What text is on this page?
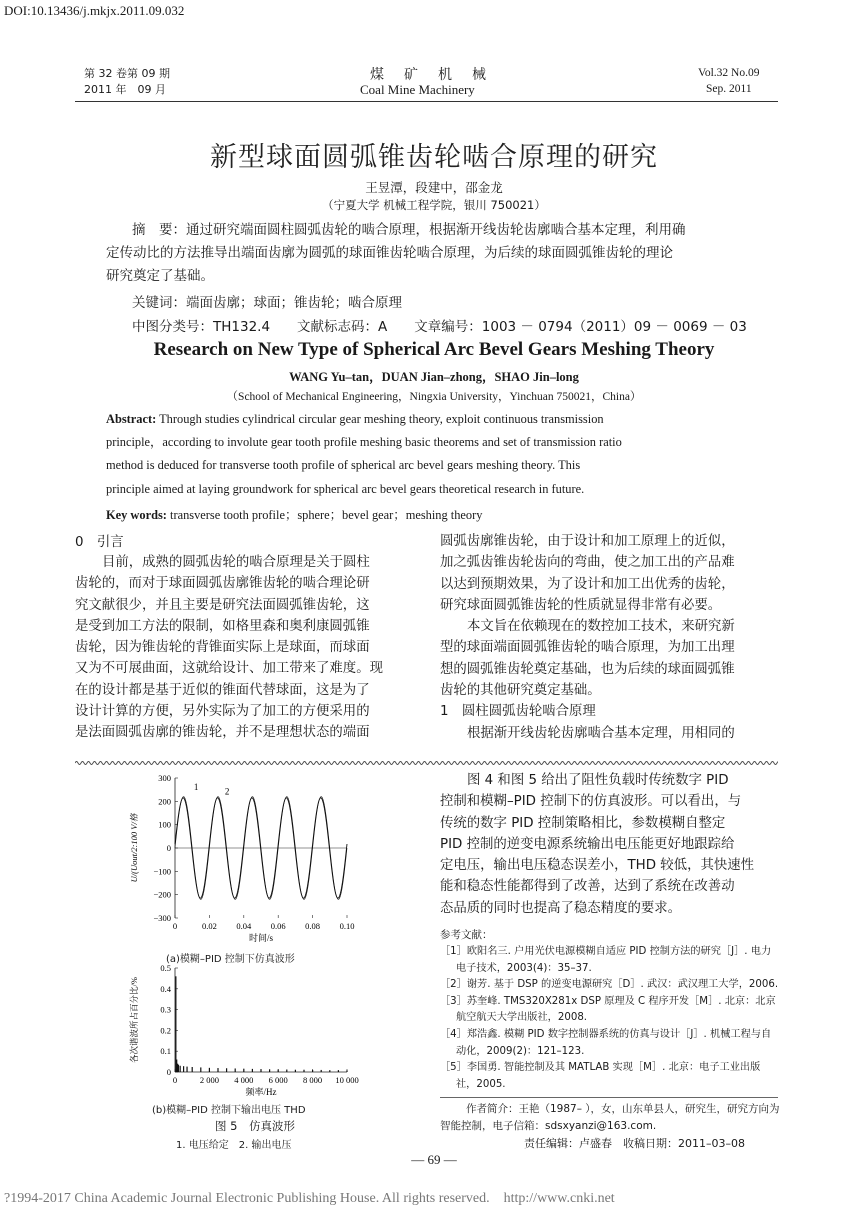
DOI:10.13436/j.mkjx.2011.09.032

第 32 卷第 09 期

2011 年　09 月

煤　矿　机　械

Coal Mine Machinery

Vol.32 No.09

Sep. 2011

新型球面圆弧锥齿轮啮合原理的研究

王昱潭，段建中，邵金龙

（宁夏大学 机械工程学院，银川 750021）

摘　要：通过研究端面圆柱圆弧齿轮的啮合原理，根据渐开线齿轮齿廓啮合基本定理，利用确

定传动比的方法推导出端面齿廓为圆弧的球面锥齿轮啮合原理，为后续的球面圆弧锥齿轮的理论

研究奠定了基础。

关键词：端面齿廓；球面；锥齿轮；啮合原理

中图分类号：TH132.4　　文献标志码：A　　文章编号：1003 － 0794（2011）09 － 0069 － 03

Research on New Type of Spherical Arc Bevel Gears Meshing Theory

WANG Yu–tan，DUAN Jian–zhong，SHAO Jin–long

（School of Mechanical Engineering，Ningxia University，Yinchuan 750021，China）

Abstract: Through studies cylindrical circular gear meshing theory, exploit continuous transmission
principle，according to involute gear tooth profile meshing basic theorems and set of transmission ratio
method is deduced for transverse tooth profile of spherical arc bevel gears meshing theory. This
principle aimed at laying groundwork for spherical arc bevel gears theoretical research in future.

Key words: transverse tooth profile；sphere；bevel gear；meshing theory

0　引言

目前，成熟的圆弧齿轮的啮合原理是关于圆柱
齿轮的，而对于球面圆弧齿廓锥齿轮的啮合理论研
究文献很少，并且主要是研究法面圆弧锥齿轮，这
是受到加工方法的限制，如格里森和奥利康圆弧锥
齿轮，因为锥齿轮的背锥面实际上是球面，而球面
又为不可展曲面，这就给设计、加工带来了难度。现
在的设计都是基于近似的锥面代替球面，这是为了
设计计算的方便，另外实际为了加工的方便采用的
是法面圆弧齿廓的锥齿轮，并不是理想状态的端面
圆弧齿廓锥齿轮，由于设计和加工原理上的近似，
加之弧齿锥齿轮齿向的弯曲，使之加工出的产品难
以达到预期效果，为了设计和加工出优秀的齿轮，
研究球面圆弧锥齿轮的性质就显得非常有必要。
本文旨在依赖现在的数控加工技术，来研究新
型的球面端面圆弧锥齿轮的啮合原理，为加工出理
想的圆弧锥齿轮奠定基础，也为后续的球面圆弧锥
齿轮的其他研究奠定基础。
1　圆柱圆弧齿轮啮合原理
根据渐开线齿轮齿廓啮合基本定理，用相同的
300
200
100
0
−100
−200
−300
0	0.02 0.04 0.06 0.08 0.10
时间/s
U/(Uout/2:100 V/格
1	2

(a)模糊–PID 控制下仿真波形

0.5
0.4
0.3
0.2
0.1
0
0	2 000 4 000 6 000 8 000 10 000
频率/Hz
各次谐波所占百分比/%

(b)模糊–PID 控制下输出电压 THD

图 5　仿真波形

1. 电压给定　2. 输出电压

图 4 和图 5 给出了阻性负载时传统数字 PID
控制和模糊–PID 控制下的仿真波形。可以看出，与
传统的数字 PID 控制策略相比，参数模糊自整定
PID 控制的逆变电源系统输出电压能更好地跟踪给
定电压，输出电压稳态误差小，THD 较低，其快速性
能和稳态性能都得到了改善，达到了系统在改善动
态品质的同时也提高了稳态精度的要求。

参考文献：

［1］欧阳名三. 户用光伏电源模糊自适应 PID 控制方法的研究［J］. 电力
电子技术，2003(4)：35–37.
［2］谢芳. 基于 DSP 的逆变电源研究［D］. 武汉：武汉理工大学，2006.
［3］苏奎峰. TMS320X281x DSP 原理及 C 程序开发［M］. 北京：北京
航空航天大学出版社，2008.
［4］郑浩鑫. 模糊 PID 数字控制器系统的仿真与设计［J］. 机械工程与自
动化，2009(2)：121–123.
［5］李国勇. 智能控制及其 MATLAB 实现［M］. 北京：电子工业出版
社，2005.

作者简介：王艳（1987– ），女，山东单县人，研究生，研究方向为

智能控制，电子信箱：sdsxyanzi@163.com.

责任编辑：卢盛春　收稿日期：2011–03–08

— 69 —

?1994-2017 China Academic Journal Electronic Publishing House. All rights reserved.　http://www.cnki.net
